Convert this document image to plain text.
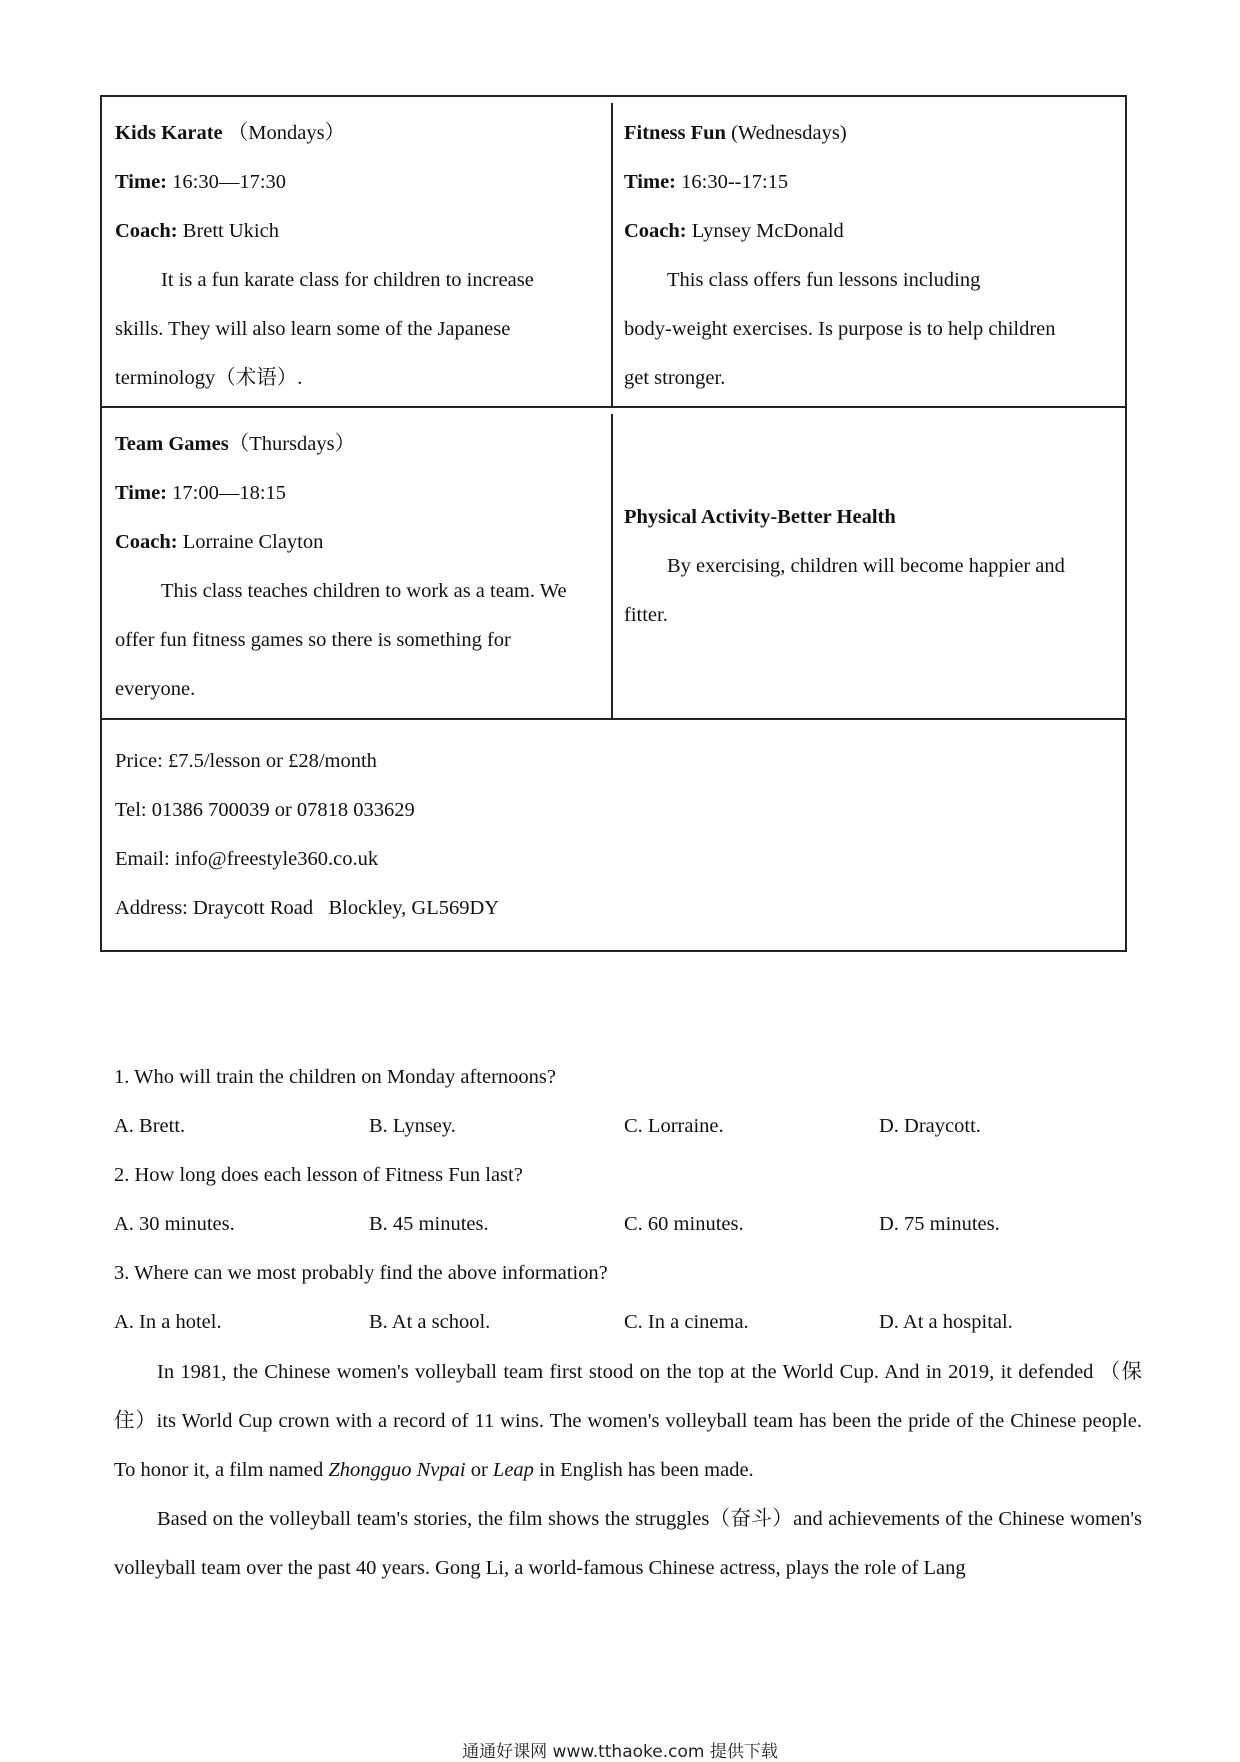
Kids Karate （Mondays）

Time: 16:30—17:30

Coach: Brett Ukich

It is a fun karate class for children to increase

skills. They will also learn some of the Japanese

terminology（术语）.

Fitness Fun (Wednesdays)

Time: 16:30--17:15

Coach: Lynsey McDonald

This class offers fun lessons including

body-weight exercises. Is purpose is to help children

get stronger.

Team Games（Thursdays）

Time: 17:00—18:15

Coach: Lorraine Clayton

This class teaches children to work as a team. We

offer fun fitness games so there is something for

everyone.

Physical Activity-Better Health

By exercising, children will become happier and

fitter.

Price: £7.5/lesson or £28/month

Tel: 01386 700039 or 07818 033629

Email: info@freestyle360.co.uk

Address: Draycott Road   Blockley, GL569DY

1. Who will train the children on Monday afternoons?

A. Brett.	B. Lynsey.	C. Lorraine.	D. Draycott.

2. How long does each lesson of Fitness Fun last?

A. 30 minutes.	B. 45 minutes.	C. 60 minutes.	D. 75 minutes.

3. Where can we most probably find the above information?

A. In a hotel.	B. At a school.	C. In a cinema.	D. At a hospital.

In 1981, the Chinese women's volleyball team first stood on the top at the World Cup. And in 2019, it defended （保住）its World Cup crown with a record of 11 wins. The women's volleyball team has been the pride of the Chinese people. To honor it, a film named Zhongguo Nvpai or Leap in English has been made.

Based on the volleyball team's stories, the film shows the struggles（奋斗）and achievements of the Chinese women's volleyball team over the past 40 years. Gong Li, a world-famous Chinese actress, plays the role of Lang

通通好课网 www.tthaoke.com 提供下载
